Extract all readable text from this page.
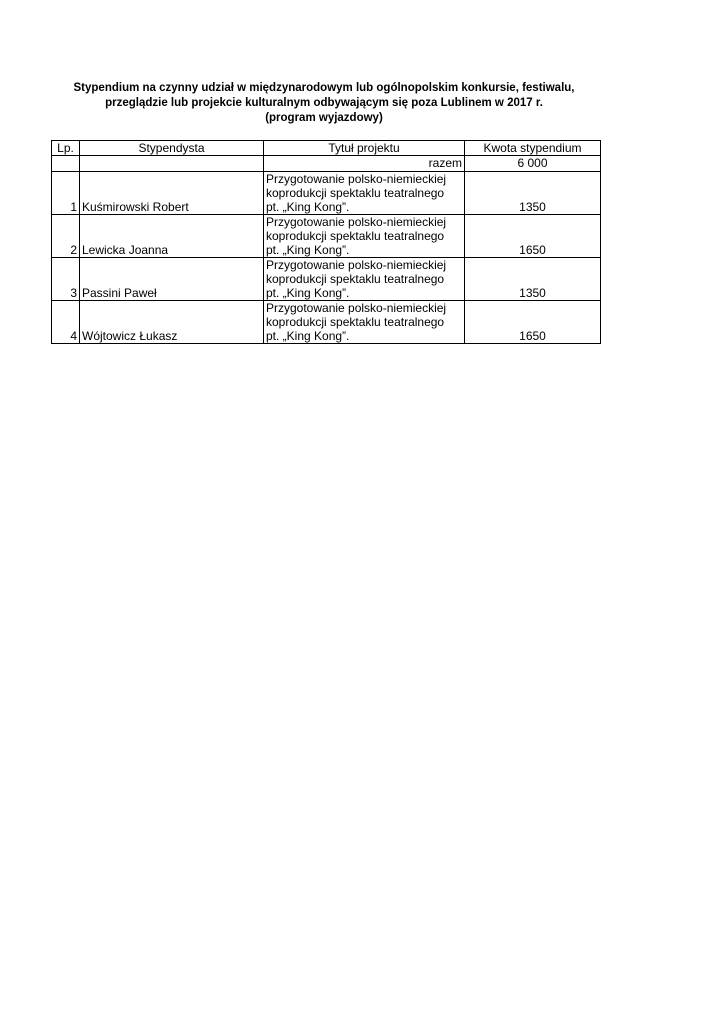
Stypendium na czynny udział w międzynarodowym lub ogólnopolskim konkursie, festiwalu,
przeglądzie lub projekcie kulturalnym odbywającym się poza Lublinem w 2017 r.
(program wyjazdowy)
Lp.	Stypendysta	Tytuł projektu	Kwota stypendium
		razem	6 000
1	Kuśmirowski Robert	Przygotowanie polsko-niemieckiej
koprodukcji spektaklu teatralnego
pt. „King Kong”.	1350
2	Lewicka Joanna	Przygotowanie polsko-niemieckiej
koprodukcji spektaklu teatralnego
pt. „King Kong”.	1650
3	Passini Paweł	Przygotowanie polsko-niemieckiej
koprodukcji spektaklu teatralnego
pt. „King Kong”.	1350
4	Wójtowicz Łukasz	Przygotowanie polsko-niemieckiej
koprodukcji spektaklu teatralnego
pt. „King Kong”.	1650
